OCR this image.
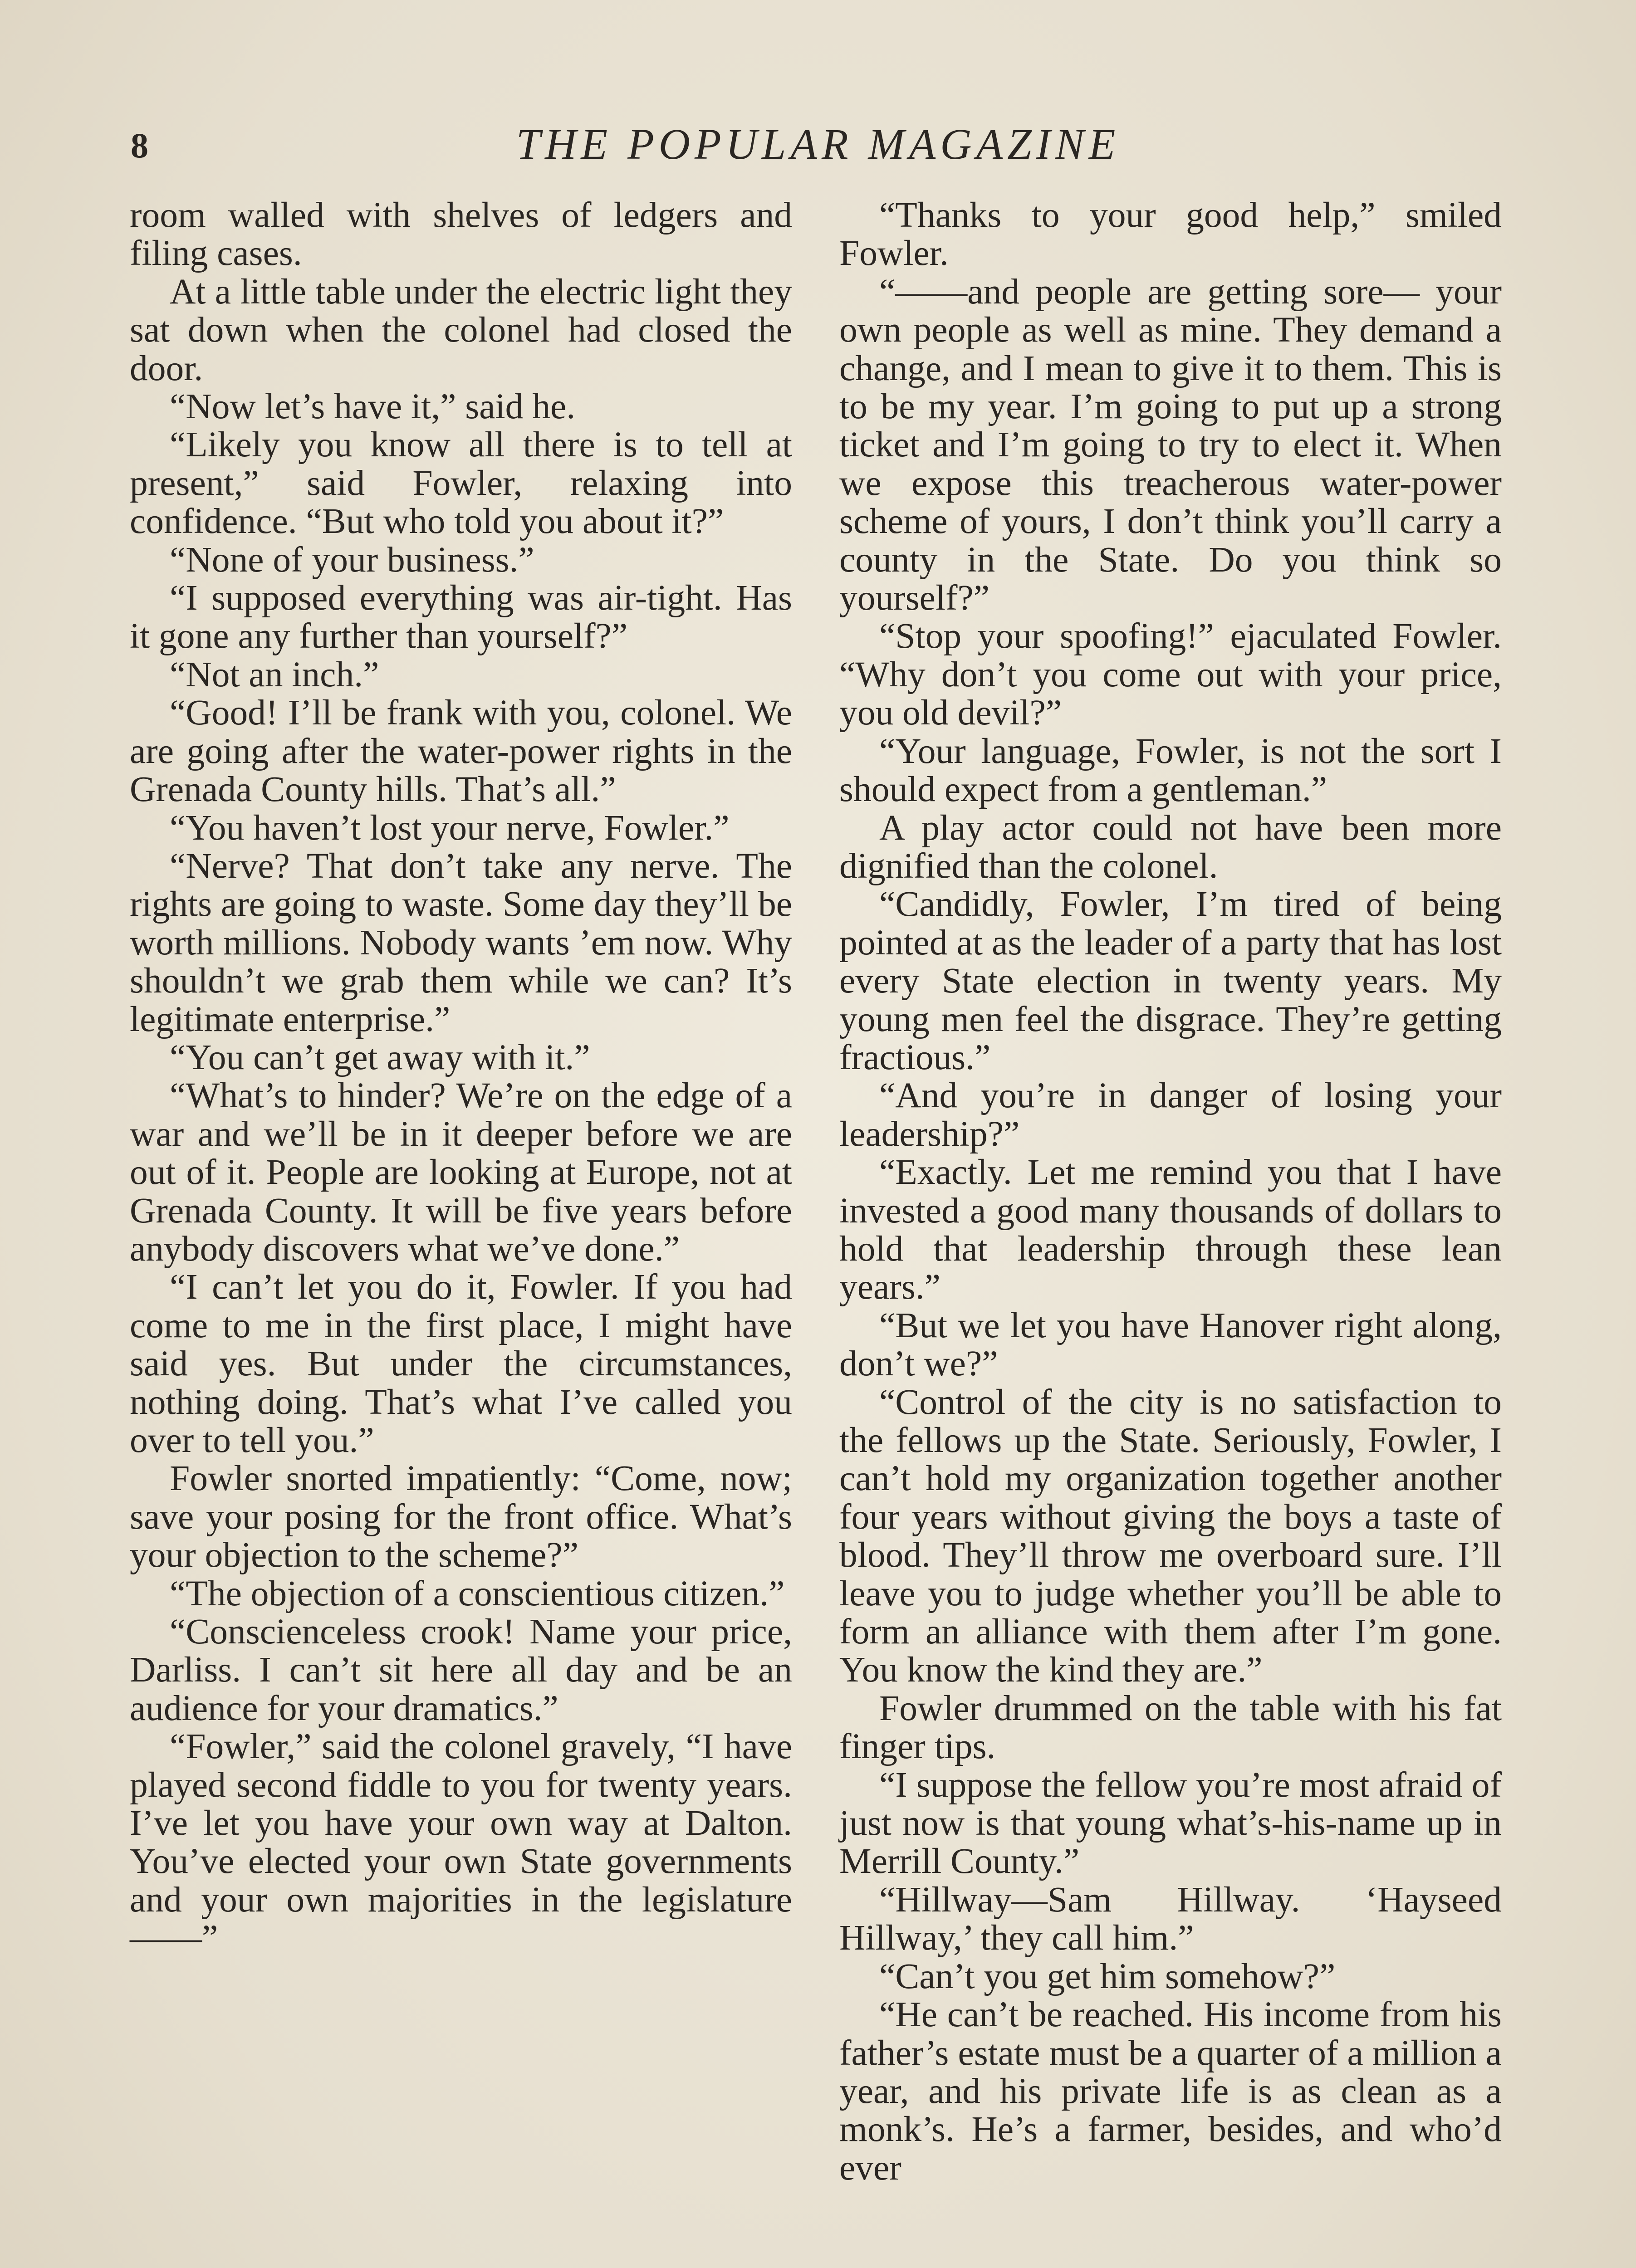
8	THE POPULAR MAGAZINE

room walled with shelves of ledgers and filing cases.

At a little table under the electric light they sat down when the colonel had closed the door.

“Now let’s have it,” said he.

“Likely you know all there is to tell at present,” said Fowler, relaxing into confidence. “But who told you about it?”

“None of your business.”

“I supposed everything was air-tight. Has it gone any further than yourself?”

“Not an inch.”

“Good! I’ll be frank with you, colonel. We are going after the water-power rights in the Grenada County hills. That’s all.”

“You haven’t lost your nerve, Fowler.”

“Nerve? That don’t take any nerve. The rights are going to waste. Some day they’ll be worth millions. Nobody wants ’em now. Why shouldn’t we grab them while we can? It’s legitimate enterprise.”

“You can’t get away with it.”

“What’s to hinder? We’re on the edge of a war and we’ll be in it deeper before we are out of it. People are looking at Europe, not at Grenada County. It will be five years before anybody discovers what we’ve done.”

“I can’t let you do it, Fowler. If you had come to me in the first place, I might have said yes. But under the circumstances, nothing doing. That’s what I’ve called you over to tell you.”

Fowler snorted impatiently: “Come, now; save your posing for the front office. What’s your objection to the scheme?”

“The objection of a conscientious citizen.”

“Conscienceless crook! Name your price, Darliss. I can’t sit here all day and be an audience for your dramatics.”

“Fowler,” said the colonel gravely, “I have played second fiddle to you for twenty years. I’ve let you have your own way at Dalton. You’ve elected your own State governments and your own majorities in the legislature——”

“Thanks to your good help,” smiled Fowler.

“——and people are getting sore— your own people as well as mine. They demand a change, and I mean to give it to them. This is to be my year. I’m going to put up a strong ticket and I’m going to try to elect it. When we expose this treacherous water-power scheme of yours, I don’t think you’ll carry a county in the State. Do you think so yourself?”

“Stop your spoofing!” ejaculated Fowler. “Why don’t you come out with your price, you old devil?”

“Your language, Fowler, is not the sort I should expect from a gentleman.”

A play actor could not have been more dignified than the colonel.

“Candidly, Fowler, I’m tired of being pointed at as the leader of a party that has lost every State election in twenty years. My young men feel the disgrace. They’re getting fractious.”

“And you’re in danger of losing your leadership?”

“Exactly. Let me remind you that I have invested a good many thousands of dollars to hold that leadership through these lean years.”

“But we let you have Hanover right along, don’t we?”

“Control of the city is no satisfaction to the fellows up the State. Seriously, Fowler, I can’t hold my organization together another four years without giving the boys a taste of blood. They’ll throw me overboard sure. I’ll leave you to judge whether you’ll be able to form an alliance with them after I’m gone. You know the kind they are.”

Fowler drummed on the table with his fat finger tips.

“I suppose the fellow you’re most afraid of just now is that young what’s-his-name up in Merrill County.”

“Hillway—Sam Hillway. ‘Hayseed Hillway,’ they call him.”

“Can’t you get him somehow?”

“He can’t be reached. His income from his father’s estate must be a quarter of a million a year, and his private life is as clean as a monk’s. He’s a farmer, besides, and who’d ever
